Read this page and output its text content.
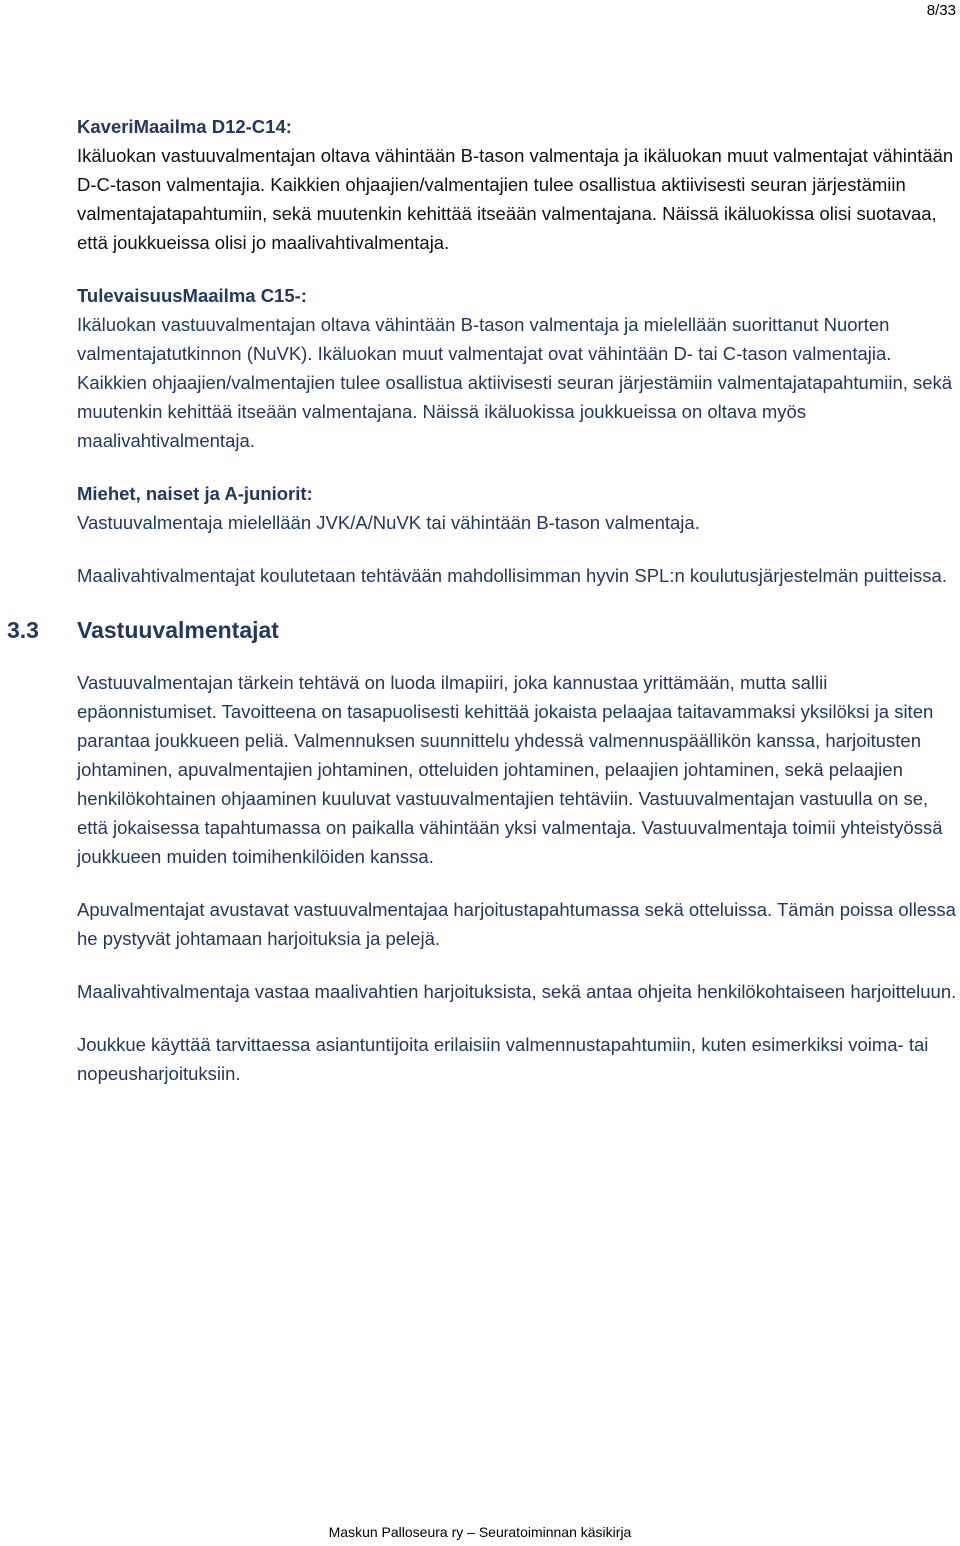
8/33
KaveriMaailma D12-C14:

Ikäluokan vastuuvalmentajan oltava vähintään B-tason valmentaja ja ikäluokan muut valmentajat vähintään D-C-tason valmentajia. Kaikkien ohjaajien/valmentajien tulee osallistua aktiivisesti seuran järjestämiin valmentajatapahtumiin, sekä muutenkin kehittää itseään valmentajana. Näissä ikäluokissa olisi suotavaa, että joukkueissa olisi jo maalivahtivalmentaja.

TulevaisuusMaailma C15-:

Ikäluokan vastuuvalmentajan oltava vähintään B-tason valmentaja ja mielellään suorittanut Nuorten valmentajatutkinnon (NuVK). Ikäluokan muut valmentajat ovat vähintään D- tai C-tason valmentajia. Kaikkien ohjaajien/valmentajien tulee osallistua aktiivisesti seuran järjestämiin valmentajatapahtumiin, sekä muutenkin kehittää itseään valmentajana. Näissä ikäluokissa joukkueissa on oltava myös maalivahtivalmentaja.

Miehet, naiset ja A-juniorit:

Vastuuvalmentaja mielellään JVK/A/NuVK tai vähintään B-tason valmentaja.

Maalivahtivalmentajat koulutetaan tehtävään mahdollisimman hyvin SPL:n koulutusjärjestelmän puitteissa.

3.3 Vastuuvalmentajat

Vastuuvalmentajan tärkein tehtävä on luoda ilmapiiri, joka kannustaa yrittämään, mutta sallii epäonnistumiset. Tavoitteena on tasapuolisesti kehittää jokaista pelaajaa taitavammaksi yksilöksi ja siten parantaa joukkueen peliä. Valmennuksen suunnittelu yhdessä valmennuspäällikön kanssa, harjoitusten johtaminen, apuvalmentajien johtaminen, otteluiden johtaminen, pelaajien johtaminen, sekä pelaajien henkilökohtainen ohjaaminen kuuluvat vastuuvalmentajien tehtäviin. Vastuuvalmentajan vastuulla on se, että jokaisessa tapahtumassa on paikalla vähintään yksi valmentaja. Vastuuvalmentaja toimii yhteistyössä joukkueen muiden toimihenkilöiden kanssa.

Apuvalmentajat avustavat vastuuvalmentajaa harjoitustapahtumassa sekä otteluissa. Tämän poissa ollessa he pystyvät johtamaan harjoituksia ja pelejä.

Maalivahtivalmentaja vastaa maalivahtien harjoituksista, sekä antaa ohjeita henkilökohtaiseen harjoitteluun.

Joukkue käyttää tarvittaessa asiantuntijoita erilaisiin valmennustapahtumiin, kuten esimerkiksi voima- tai nopeusharjoituksiin.

Maskun Palloseura ry – Seuratoiminnan käsikirja
